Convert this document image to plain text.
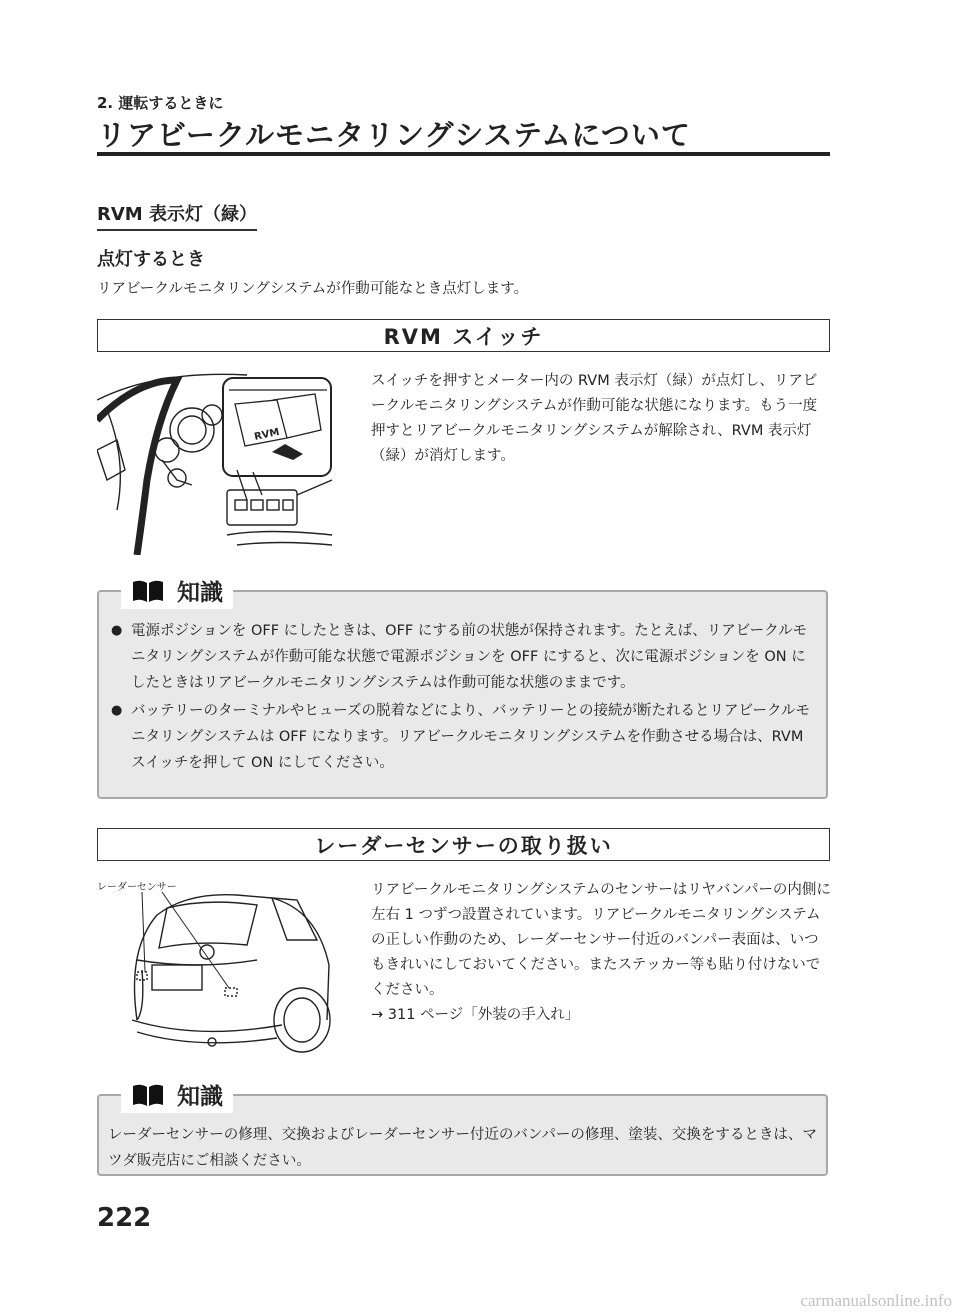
2. 運転するときに
リアビークルモニタリングシステムについて
RVM 表示灯（緑）
点灯するとき
リアビークルモニタリングシステムが作動可能なとき点灯します。
RVM スイッチ
RVM
スイッチを押すとメーター内の RVM 表示灯（緑）が点灯し、リアビークルモニタリングシステムが作動可能な状態になります。もう一度押すとリアビークルモニタリングシステムが解除され、RVM 表示灯（緑）が消灯します。
知識
● 電源ポジションを OFF にしたときは、OFF にする前の状態が保持されます。たとえば、リアビークルモニタリングシステムが作動可能な状態で電源ポジションを OFF にすると、次に電源ポジションを ON にしたときはリアビークルモニタリングシステムは作動可能な状態のままです。
● バッテリーのターミナルやヒューズの脱着などにより、バッテリーとの接続が断たれるとリアビークルモニタリングシステムは OFF になります。リアビークルモニタリングシステムを作動させる場合は、RVM スイッチを押して ON にしてください。
レーダーセンサーの取り扱い
レーダーセンサー	リアビークルモニタリングシステムのセンサーはリヤバンパーの内側に左右 1 つずつ設置されています。リアビークルモニタリングシステムの正しい作動のため、レーダーセンサー付近のバンパー表面は、いつもきれいにしておいてください。またステッカー等も貼り付けないでください。
→ 311 ページ「外装の手入れ」
知識
レーダーセンサーの修理、交換およびレーダーセンサー付近のバンパーの修理、塗装、交換をするときは、マツダ販売店にご相談ください。
222
carmanualsonline.info
